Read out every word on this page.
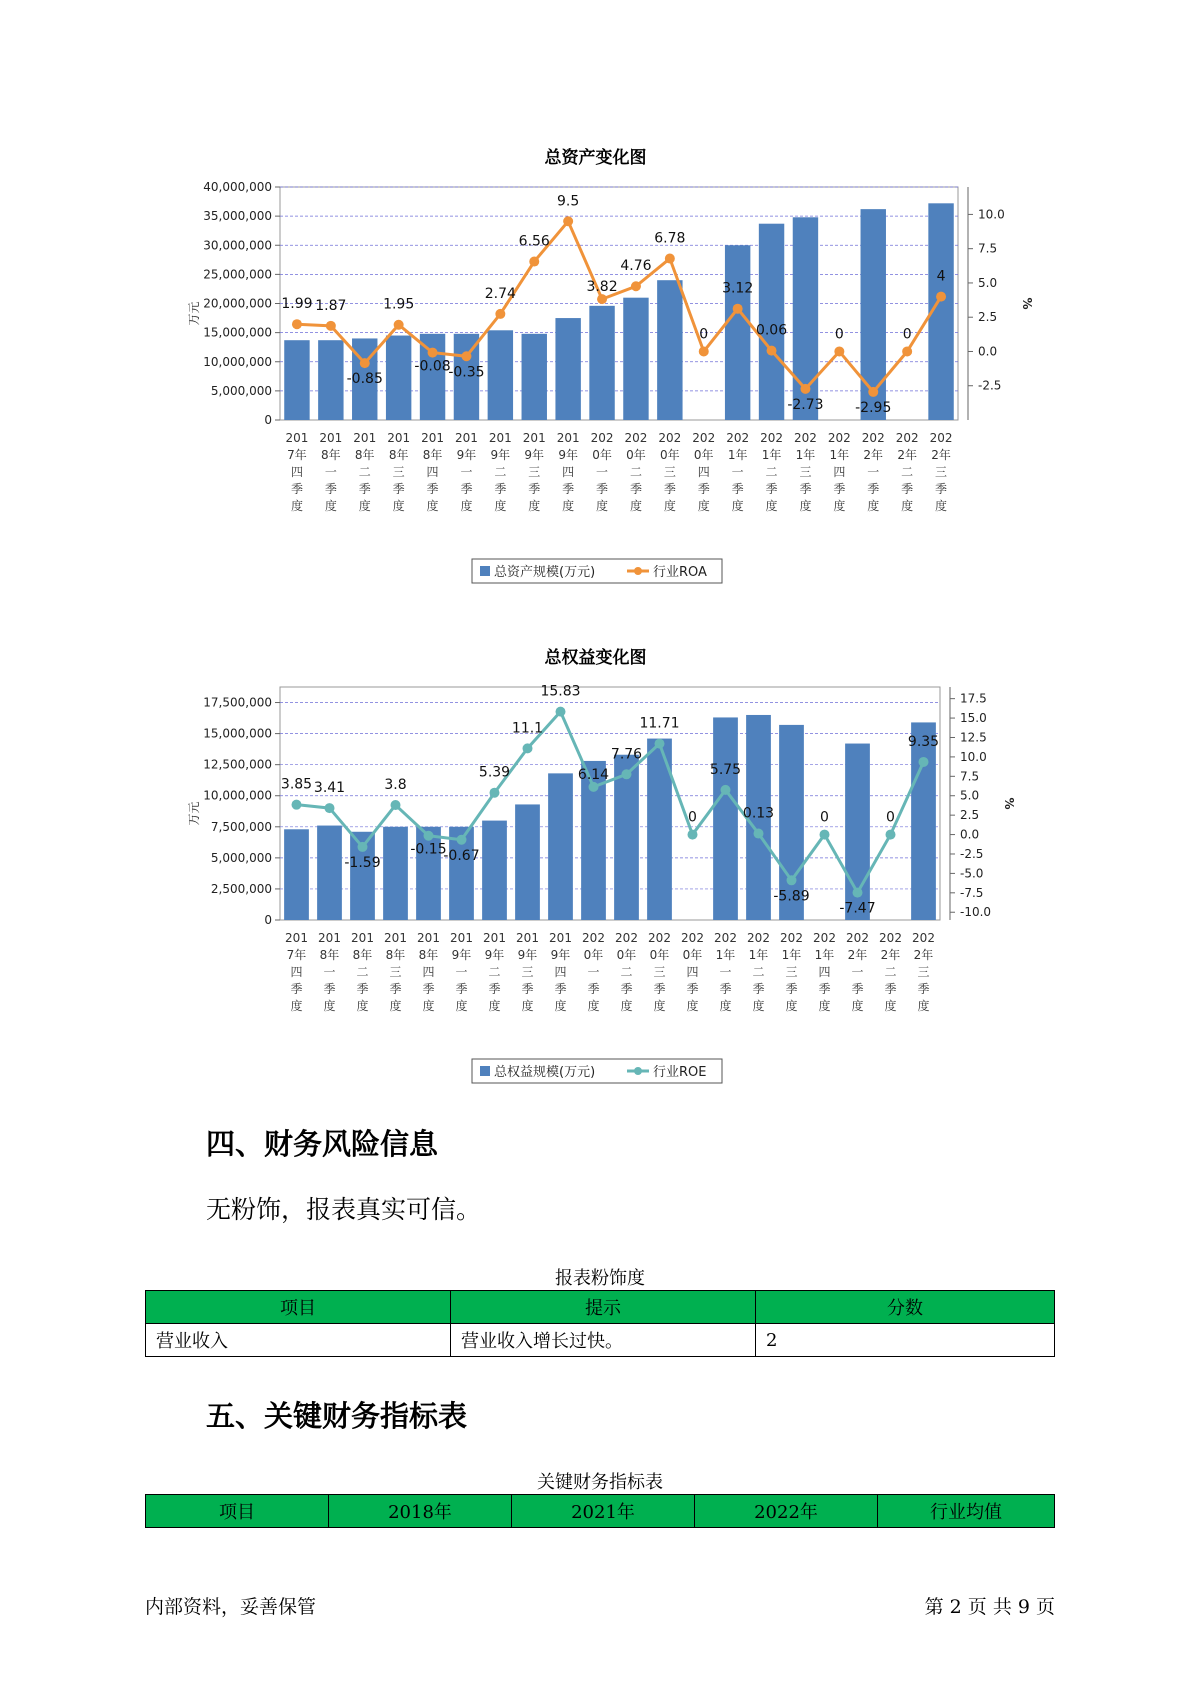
总资产变化图
40,000,000
35,000,000
30,000,000
25,000,000
20,000,000
15,000,000
10,000,000
5,000,000
0
万元
10.0
7.5
5.0
2.5
0.0
-2.5
%
201 7年四季度
201 8年一季度
201 8年二季度
201 8年三季度
201 8年四季度
201 9年一季度
201 9年二季度
201 9年三季度
201 9年四季度
202 0年一季度
202 0年二季度
202 0年三季度
202 0年四季度
202 1年一季度
202 1年二季度
202 1年三季度
202 1年四季度
202 2年一季度
202 2年二季度
202 2年三季度
1.99 1.87
-0.85
1.95
-0.08
-0.35
2.74
6.56
9.5
3.82
4.76
6.78
0
3.12
0.06
-2.73
0
-2.95
0
4
总资产规模(万元)	行业ROA
总权益变化图
17,500,000
15,000,000
12,500,000
10,000,000
7,500,000
5,000,000
2,500,000
0
万元
17.5
15.0
12.5
10.0
7.5
5.0
2.5
0.0
-2.5
-5.0
-7.5
-10.0
%
201 7年四季度
201 8年一季度
201 8年二季度
201 8年三季度
201 8年四季度
201 9年一季度
201 9年二季度
201 9年三季度
201 9年四季度
202 0年一季度
202 0年二季度
202 0年三季度
202 0年四季度
202 1年一季度
202 1年二季度
202 1年三季度
202 1年四季度
202 2年一季度
202 2年二季度
202 2年三季度
3.85 3.41
-1.59
3.8
-0.15
-0.67
5.39
11.1
15.83
6.14
7.76
11.71
0
5.75
0.13
-5.89
0
-7.47
0
9.35
总权益规模(万元)	行业ROE
四、财务风险信息
无粉饰，报表真实可信。
报表粉饰度
项目	提示	分数
营业收入	营业收入增长过快。	2
五、关键财务指标表
关键财务指标表
项目	2018年	2021年	2022年	行业均值
内部资料，妥善保管	第 2 页 共 9 页
